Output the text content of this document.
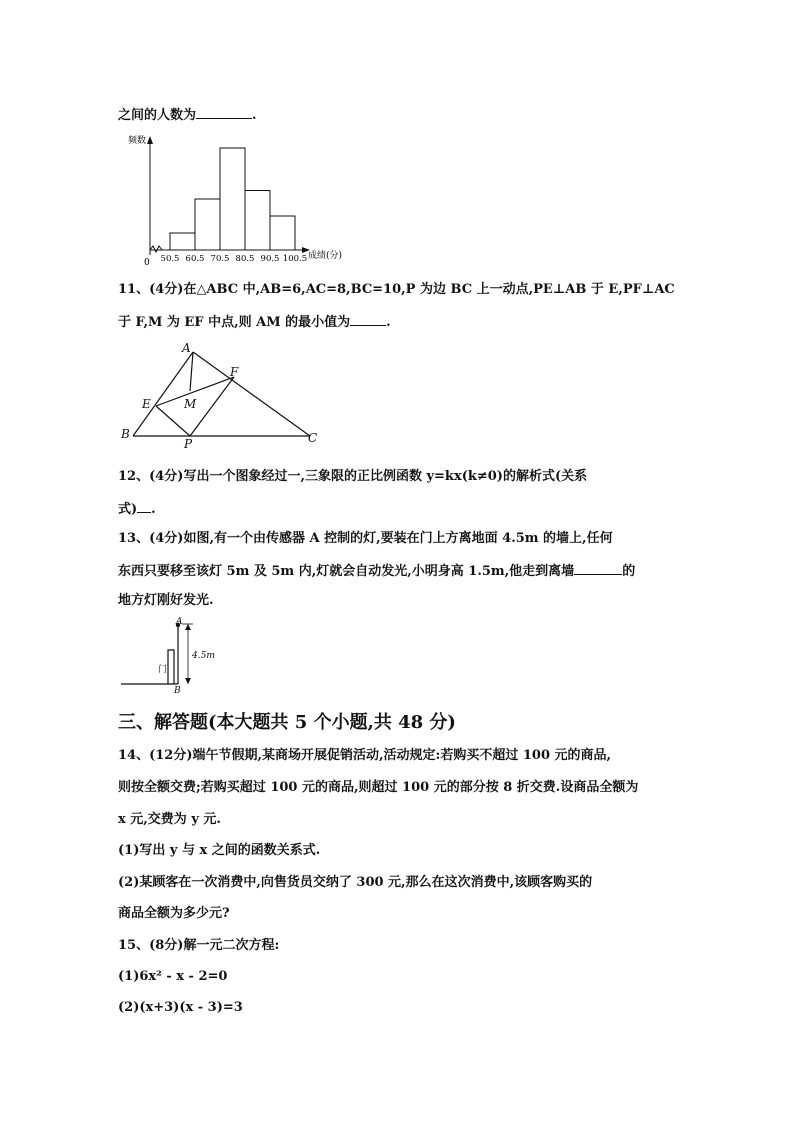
之间的人数为	.
频数
成绩(分)
0 50.5 60.5 70.5 80.5 90.5 100.5
11、(4分)在△ABC 中,AB=6,AC=8,BC=10,P 为边 BC 上一动点,PE⊥AB 于 E,PF⊥AC
于 F,M 为 EF 中点,则 AM 的最小值为	.
A
B	C
E
F
M
P
12、(4分)写出一个图象经过一,三象限的正比例函数 y=kx(k≠0)的解析式(关系
式) .
13、(4分)如图,有一个由传感器 A 控制的灯,要装在门上方离地面 4.5m 的墙上,任何
东西只要移至该灯 5m 及 5m 内,灯就会自动发光,小明身高 1.5m,他走到离墙	的
地方灯刚好发光.
A
B
4.5m
门
三、解答题(本大题共 5 个小题,共 48 分)
14、(12分)端午节假期,某商场开展促销活动,活动规定:若购买不超过 100 元的商品,
则按全额交费;若购买超过 100 元的商品,则超过 100 元的部分按 8 折交费.设商品全额为
x 元,交费为 y 元.
(1)写出 y 与 x 之间的函数关系式.
(2)某顾客在一次消费中,向售货员交纳了 300 元,那么在这次消费中,该顾客购买的
商品全额为多少元?
15、(8分)解一元二次方程:
(1)6x² - x - 2=0
(2)(x+3)(x - 3)=3
